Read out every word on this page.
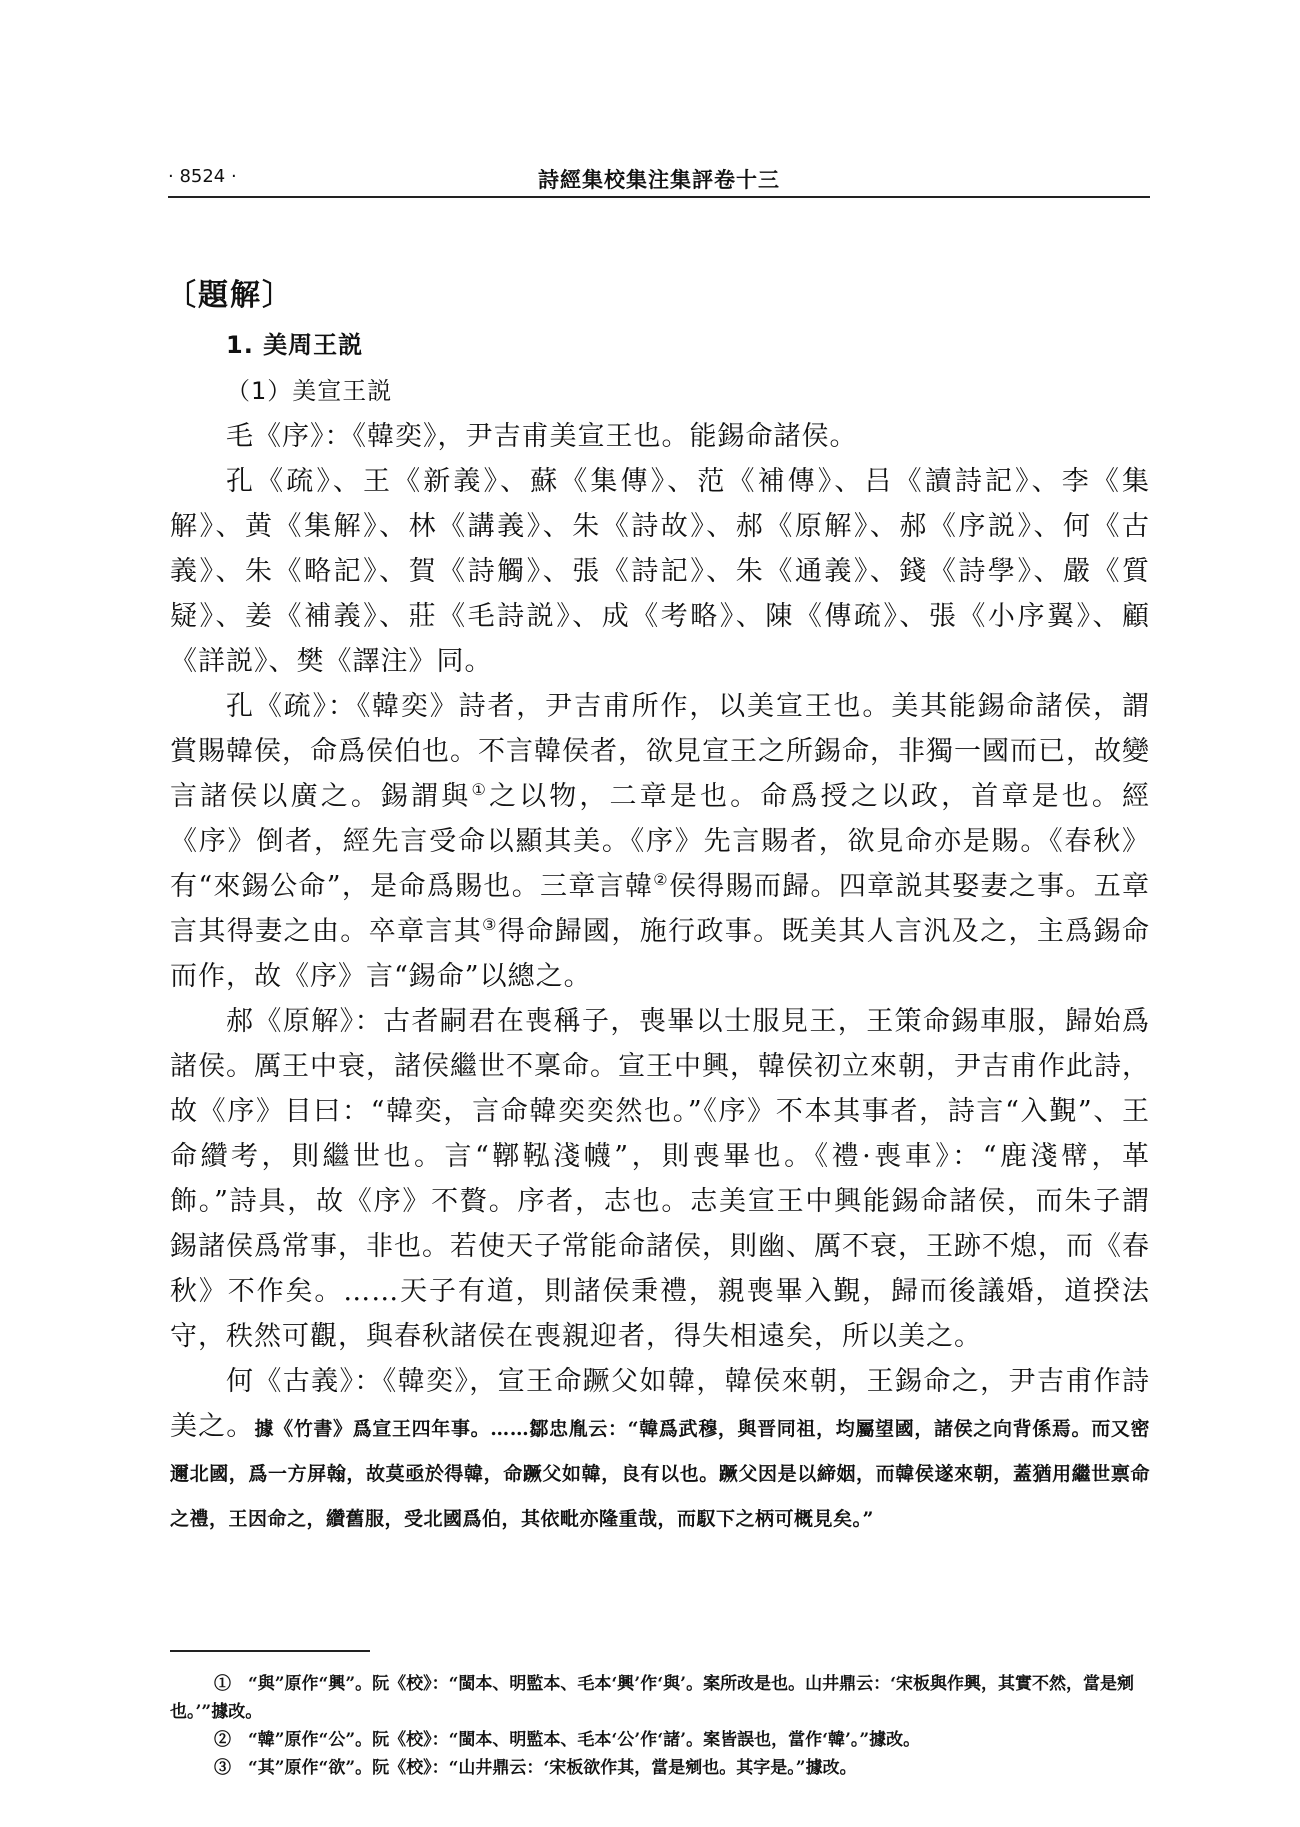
· 8524 ·	詩經集校集注集評卷十三
〔題解〕

1. 美周王説

（1）美宣王説

毛《序》：《韓奕》，尹吉甫美宣王也。能錫命諸侯。

孔《疏》、王《新義》、蘇《集傳》、范《補傳》、吕《讀詩記》、李《集解》、黄《集解》、林《講義》、朱《詩故》、郝《原解》、郝《序説》、何《古義》、朱《略記》、賀《詩觸》、張《詩記》、朱《通義》、錢《詩學》、嚴《質疑》、姜《補義》、莊《毛詩説》、成《考略》、陳《傳疏》、張《小序翼》、顧《詳説》、樊《譯注》同。

孔《疏》：《韓奕》詩者，尹吉甫所作，以美宣王也。美其能錫命諸侯，謂賞賜韓侯，命爲侯伯也。不言韓侯者，欲見宣王之所錫命，非獨一國而已，故變言諸侯以廣之。錫謂與①之以物，二章是也。命爲授之以政，首章是也。經《序》倒者，經先言受命以顯其美。《序》先言賜者，欲見命亦是賜。《春秋》有“來錫公命”，是命爲賜也。三章言韓②侯得賜而歸。四章説其娶妻之事。五章言其得妻之由。卒章言其③得命歸國，施行政事。既美其人言汎及之，主爲錫命而作，故《序》言“錫命”以總之。

郝《原解》：古者嗣君在喪稱子，喪畢以士服見王，王策命錫車服，歸始爲諸侯。厲王中衰，諸侯繼世不稟命。宣王中興，韓侯初立來朝，尹吉甫作此詩，故《序》目曰：“韓奕，言命韓奕奕然也。”《序》不本其事者，詩言“入覲”、王命纘考，則繼世也。言“鞹鞃淺幭”，則喪畢也。《禮·喪車》：“鹿淺幦，革飾。”詩具，故《序》不贅。序者，志也。志美宣王中興能錫命諸侯，而朱子謂錫諸侯爲常事，非也。若使天子常能命諸侯，則幽、厲不衰，王跡不熄，而《春秋》不作矣。……天子有道，則諸侯秉禮，親喪畢入覲，歸而後議婚，道揆法守，秩然可觀，與春秋諸侯在喪親迎者，得失相遠矣，所以美之。

何《古義》：《韓奕》，宣王命蹶父如韓，韓侯來朝，王錫命之，尹吉甫作詩美之。據《竹書》爲宣王四年事。……鄒忠胤云：“韓爲武穆，與晋同祖，均屬望國，諸侯之向背係焉。而又密邇北國，爲一方屏翰，故莫亟於得韓，命蹶父如韓，良有以也。蹶父因是以締姻，而韓侯遂來朝，蓋猶用繼世禀命之禮，王因命之，纘舊服，受北國爲伯，其依毗亦隆重哉，而馭下之柄可概見矣。”

①　“與”原作“興”。阮《校》：“閩本、明監本、毛本‘興’作‘與’。案所改是也。山井鼎云：‘宋板與作興，其實不然，當是剜也。’”據改。

②　“韓”原作“公”。阮《校》：“閩本、明監本、毛本‘公’作‘諸’。案皆誤也，當作‘韓’。”據改。

③　“其”原作“欲”。阮《校》：“山井鼎云：‘宋板欲作其，當是剜也。其字是。”據改。
